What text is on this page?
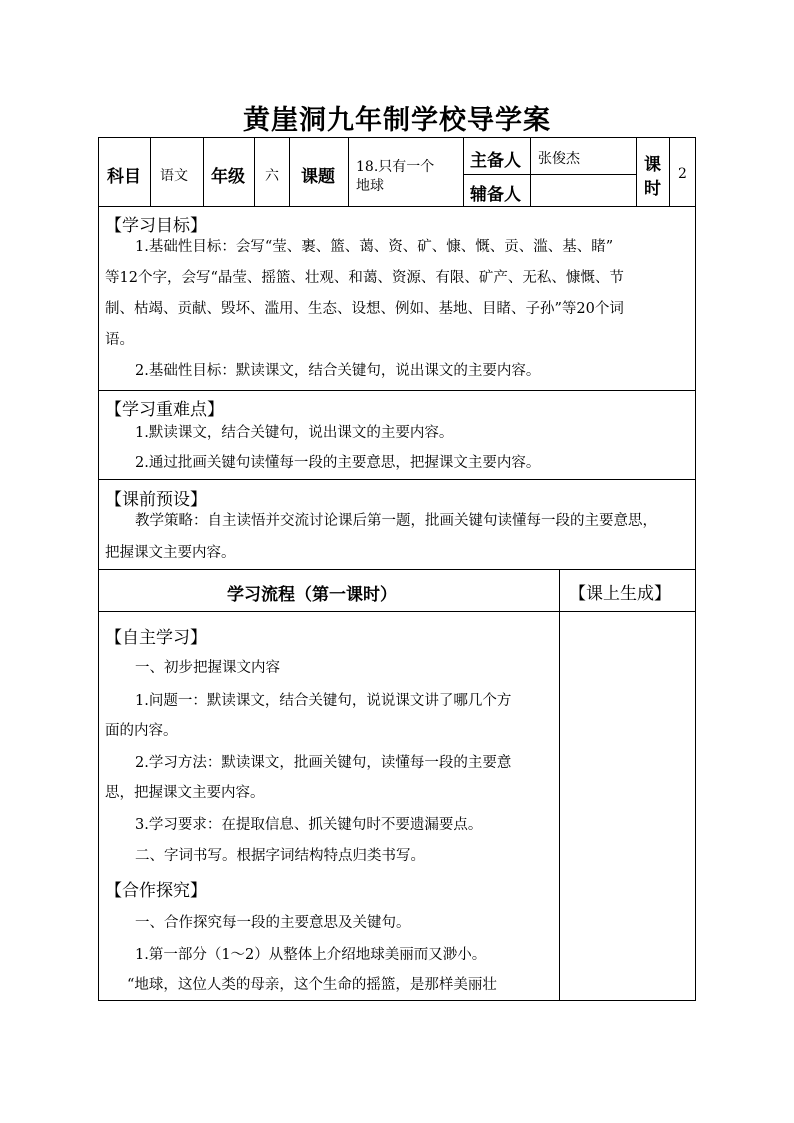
黄崖洞九年制学校导学案
科目 语文 年级 六 课题 18.只有一个
地球
主备人 张俊杰
辅备人
课
时
2
【学习目标】
1.基础性目标：会写“莹、裹、篮、蔼、资、矿、慷、慨、贡、滥、基、睹”
等12个字，会写“晶莹、摇篮、壮观、和蔼、资源、有限、矿产、无私、慷慨、节
制、枯竭、贡献、毁坏、滥用、生态、设想、例如、基地、目睹、子孙”等20个词
语。
2.基础性目标：默读课文，结合关键句，说出课文的主要内容。
【学习重难点】
1.默读课文，结合关键句，说出课文的主要内容。
2.通过批画关键句读懂每一段的主要意思，把握课文主要内容。
【课前预设】
教学策略：自主读悟并交流讨论课后第一题，批画关键句读懂每一段的主要意思，
把握课文主要内容。
学习流程（第一课时）	【课上生成】
【自主学习】
一、初步把握课文内容
1.问题一：默读课文，结合关键句，说说课文讲了哪几个方
面的内容。
2.学习方法：默读课文，批画关键句，读懂每一段的主要意
思，把握课文主要内容。
3.学习要求：在提取信息、抓关键句时不要遗漏要点。
二、字词书写。根据字词结构特点归类书写。
【合作探究】
一、合作探究每一段的主要意思及关键句。
1.第一部分（1～2）从整体上介绍地球美丽而又渺小。
“地球，这位人类的母亲，这个生命的摇篮，是那样美丽壮
